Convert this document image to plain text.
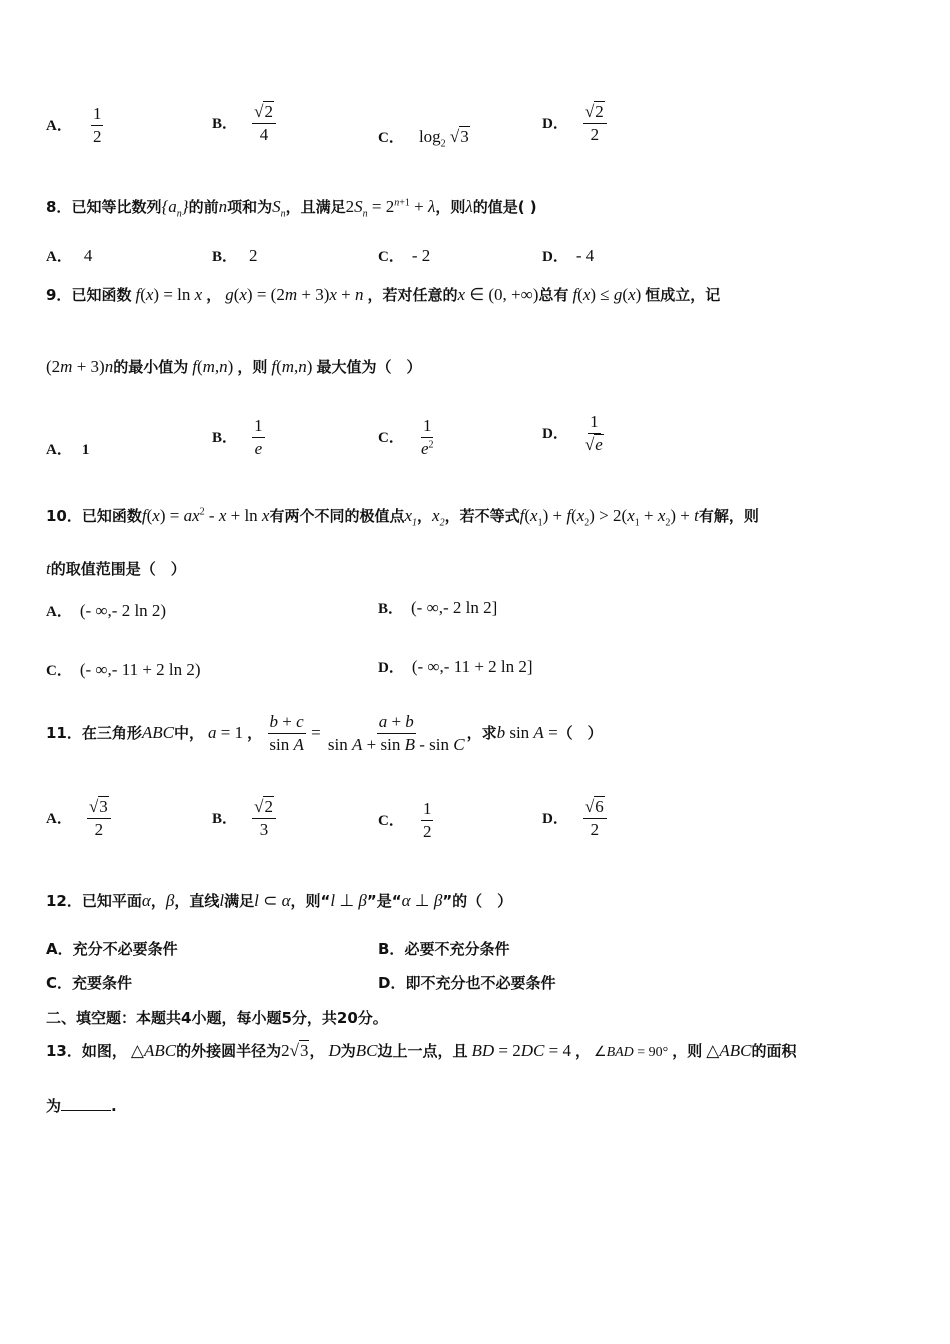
A． $\frac{1}{2}$	B． $\frac{√2}{4}$	C． $\log_2 √3$
D． $\frac{√2}{2}$
8．已知等比数列$\{a_n\}$的前n项和为$S_n$，且满足$2S_n = 2^{n+1} + \lambda$，则λ的值是( )
A． 4	B． 2	C． - 2	D． - 4
9．已知函数 f(x) = ln x ， g(x) = (2m + 3)x + n ，若对任意的x ∈ (0, +∞)总有 f(x) ≤ g(x) 恒成立，记
(2m + 3)n的最小值为 f(m,n) ，则 f(m,n) 最大值为（　）
A． 1
B． $\frac{1}{e}$	C． $\frac{1}{e^2}$	D． $\frac{1}{√e}$
10．已知函数$f(x) = ax^2 - x + \ln x$有两个不同的极值点$x_1$，$x_2$，若不等式$f(x_1) + f(x_2) > 2(x_1 + x_2) + t$有解，则
t的取值范围是（　）
A． (- ∞,- 2 ln 2)	B． (- ∞,- 2 ln 2]
C． (- ∞,- 11 + 2 ln 2)	D． (- ∞,- 11 + 2 ln 2]
11．在三角形ABC中， a = 1 ， $\frac{b + c}{\text{sin A}} = \frac{a + b}{\text{sin A + sin B - sin C}}$ ，求b sin A =（　）
A． $\frac{√3}{2}$	B． $\frac{√2}{3}$	C． $\frac{1}{2}$	D． $\frac{√6}{2}$
12．已知平面α，β，直线l满足l ⊂ α，则“l ⊥ β”是“α ⊥ β”的（　）
A．充分不必要条件	B．必要不充分条件
C．充要条件	D．即不充分也不必要条件
二、填空题：本题共4小题，每小题5分，共20分。
13．如图， △ABC的外接圆半径为2√3， D为BC边上一点，且 BD = 2DC = 4 ， ∠BAD = 90° ，则 △ABC的面积
为	.
